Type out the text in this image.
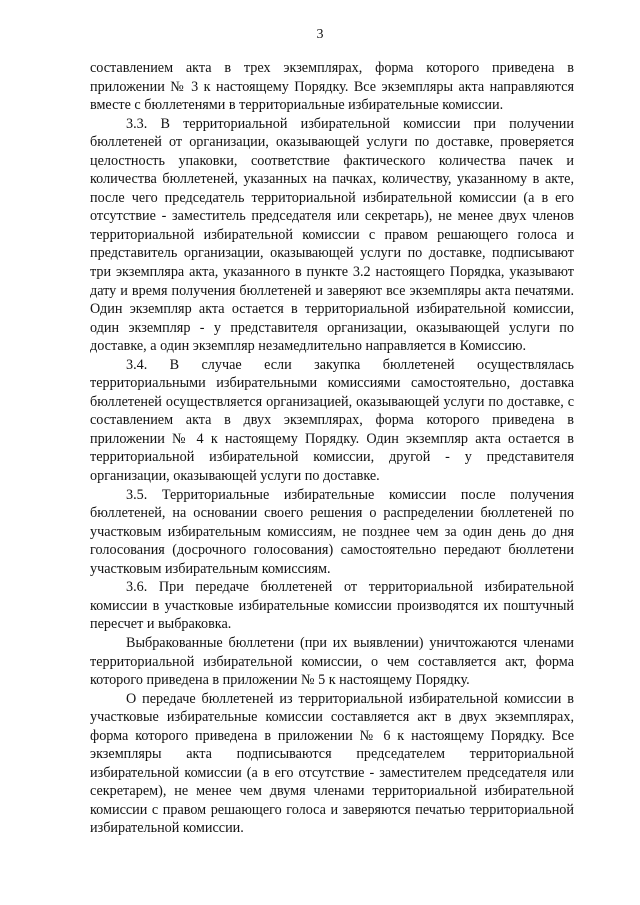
3

составлением акта в трех экземплярах, форма которого приведена в приложении № 3 к настоящему Порядку. Все экземпляры акта направляются вместе с бюллетенями в территориальные избирательные комиссии.

3.3. В территориальной избирательной комиссии при получении бюллетеней от организации, оказывающей услуги по доставке, проверяется целостность упаковки, соответствие фактического количества пачек и количества бюллетеней, указанных на пачках, количеству, указанному в акте, после чего председатель территориальной избирательной комиссии (а в его отсутствие - заместитель председателя или секретарь), не менее двух членов территориальной избирательной комиссии с правом решающего голоса и представитель организации, оказывающей услуги по доставке, подписывают три экземпляра акта, указанного в пункте 3.2 настоящего Порядка, указывают дату и время получения бюллетеней и заверяют все экземпляры акта печатями. Один экземпляр акта остается в территориальной избирательной комиссии, один экземпляр - у представителя организации, оказывающей услуги по доставке, а один экземпляр незамедлительно направляется в Комиссию.

3.4. В случае если закупка бюллетеней осуществлялась территориальными избирательными комиссиями самостоятельно, доставка бюллетеней осуществляется организацией, оказывающей услуги по доставке, с составлением акта в двух экземплярах, форма которого приведена в приложении № 4 к настоящему Порядку. Один экземпляр акта остается в территориальной избирательной комиссии, другой - у представителя организации, оказывающей услуги по доставке.

3.5. Территориальные избирательные комиссии после получения бюллетеней, на основании своего решения о распределении бюллетеней по участковым избирательным комиссиям, не позднее чем за один день до дня голосования (досрочного голосования) самостоятельно передают бюллетени участковым избирательным комиссиям.

3.6. При передаче бюллетеней от территориальной избирательной комиссии в участковые избирательные комиссии производятся их поштучный пересчет и выбраковка.

Выбракованные бюллетени (при их выявлении) уничтожаются членами территориальной избирательной комиссии, о чем составляется акт, форма которого приведена в приложении № 5 к настоящему Порядку.

О передаче бюллетеней из территориальной избирательной комиссии в участковые избирательные комиссии составляется акт в двух экземплярах, форма которого приведена в приложении № 6 к настоящему Порядку. Все экземпляры акта подписываются председателем территориальной избирательной комиссии (а в его отсутствие - заместителем председателя или секретарем), не менее чем двумя членами территориальной избирательной комиссии с правом решающего голоса и заверяются печатью территориальной избирательной комиссии.
